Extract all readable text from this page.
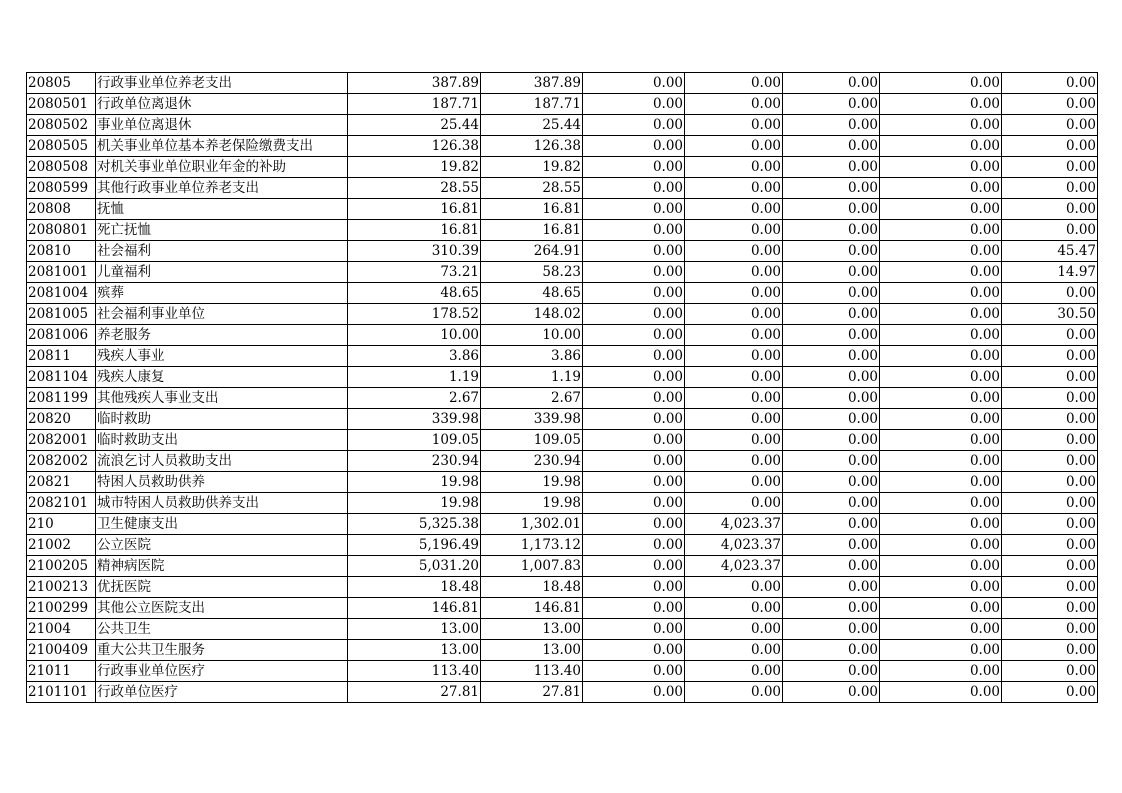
20805	行政事业单位养老支出	387.89	387.89	0.00	0.00	0.00	0.00	0.00
2080501	行政单位离退休	187.71	187.71	0.00	0.00	0.00	0.00	0.00
2080502	事业单位离退休	25.44	25.44	0.00	0.00	0.00	0.00	0.00
2080505	机关事业单位基本养老保险缴费支出	126.38	126.38	0.00	0.00	0.00	0.00	0.00
2080508	对机关事业单位职业年金的补助	19.82	19.82	0.00	0.00	0.00	0.00	0.00
2080599	其他行政事业单位养老支出	28.55	28.55	0.00	0.00	0.00	0.00	0.00
20808	抚恤	16.81	16.81	0.00	0.00	0.00	0.00	0.00
2080801	死亡抚恤	16.81	16.81	0.00	0.00	0.00	0.00	0.00
20810	社会福利	310.39	264.91	0.00	0.00	0.00	0.00	45.47
2081001	儿童福利	73.21	58.23	0.00	0.00	0.00	0.00	14.97
2081004	殡葬	48.65	48.65	0.00	0.00	0.00	0.00	0.00
2081005	社会福利事业单位	178.52	148.02	0.00	0.00	0.00	0.00	30.50
2081006	养老服务	10.00	10.00	0.00	0.00	0.00	0.00	0.00
20811	残疾人事业	3.86	3.86	0.00	0.00	0.00	0.00	0.00
2081104	残疾人康复	1.19	1.19	0.00	0.00	0.00	0.00	0.00
2081199	其他残疾人事业支出	2.67	2.67	0.00	0.00	0.00	0.00	0.00
20820	临时救助	339.98	339.98	0.00	0.00	0.00	0.00	0.00
2082001	临时救助支出	109.05	109.05	0.00	0.00	0.00	0.00	0.00
2082002	流浪乞讨人员救助支出	230.94	230.94	0.00	0.00	0.00	0.00	0.00
20821	特困人员救助供养	19.98	19.98	0.00	0.00	0.00	0.00	0.00
2082101	城市特困人员救助供养支出	19.98	19.98	0.00	0.00	0.00	0.00	0.00
210	卫生健康支出	5,325.38	1,302.01	0.00	4,023.37	0.00	0.00	0.00
21002	公立医院	5,196.49	1,173.12	0.00	4,023.37	0.00	0.00	0.00
2100205	精神病医院	5,031.20	1,007.83	0.00	4,023.37	0.00	0.00	0.00
2100213	优抚医院	18.48	18.48	0.00	0.00	0.00	0.00	0.00
2100299	其他公立医院支出	146.81	146.81	0.00	0.00	0.00	0.00	0.00
21004	公共卫生	13.00	13.00	0.00	0.00	0.00	0.00	0.00
2100409	重大公共卫生服务	13.00	13.00	0.00	0.00	0.00	0.00	0.00
21011	行政事业单位医疗	113.40	113.40	0.00	0.00	0.00	0.00	0.00
2101101	行政单位医疗	27.81	27.81	0.00	0.00	0.00	0.00	0.00
